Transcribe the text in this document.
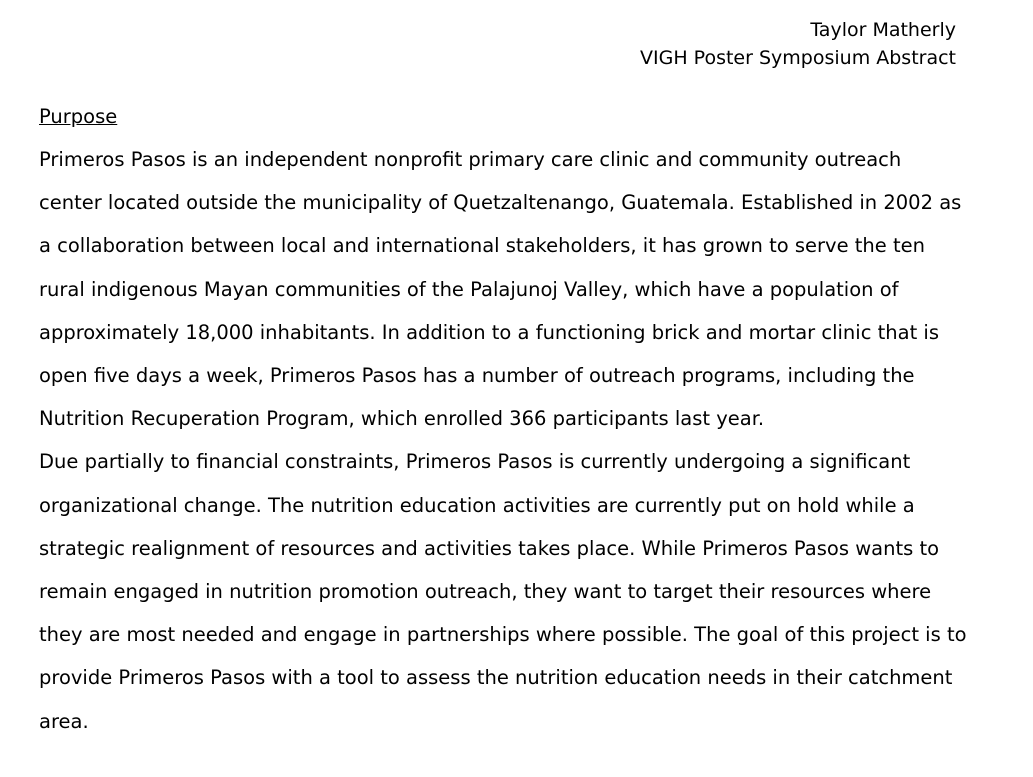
Taylor Matherly
VIGH Poster Symposium Abstract
Purpose

Primeros Pasos is an independent nonprofit primary care clinic and community outreach center located outside the municipality of Quetzaltenango, Guatemala. Established in 2002 as a collaboration between local and international stakeholders, it has grown to serve the ten rural indigenous Mayan communities of the Palajunoj Valley, which have a population of approximately 18,000 inhabitants. In addition to a functioning brick and mortar clinic that is open five days a week, Primeros Pasos has a number of outreach programs, including the Nutrition Recuperation Program, which enrolled 366 participants last year.

Due partially to financial constraints, Primeros Pasos is currently undergoing a significant organizational change. The nutrition education activities are currently put on hold while a strategic realignment of resources and activities takes place. While Primeros Pasos wants to remain engaged in nutrition promotion outreach, they want to target their resources where they are most needed and engage in partnerships where possible. The goal of this project is to provide Primeros Pasos with a tool to assess the nutrition education needs in their catchment area.
